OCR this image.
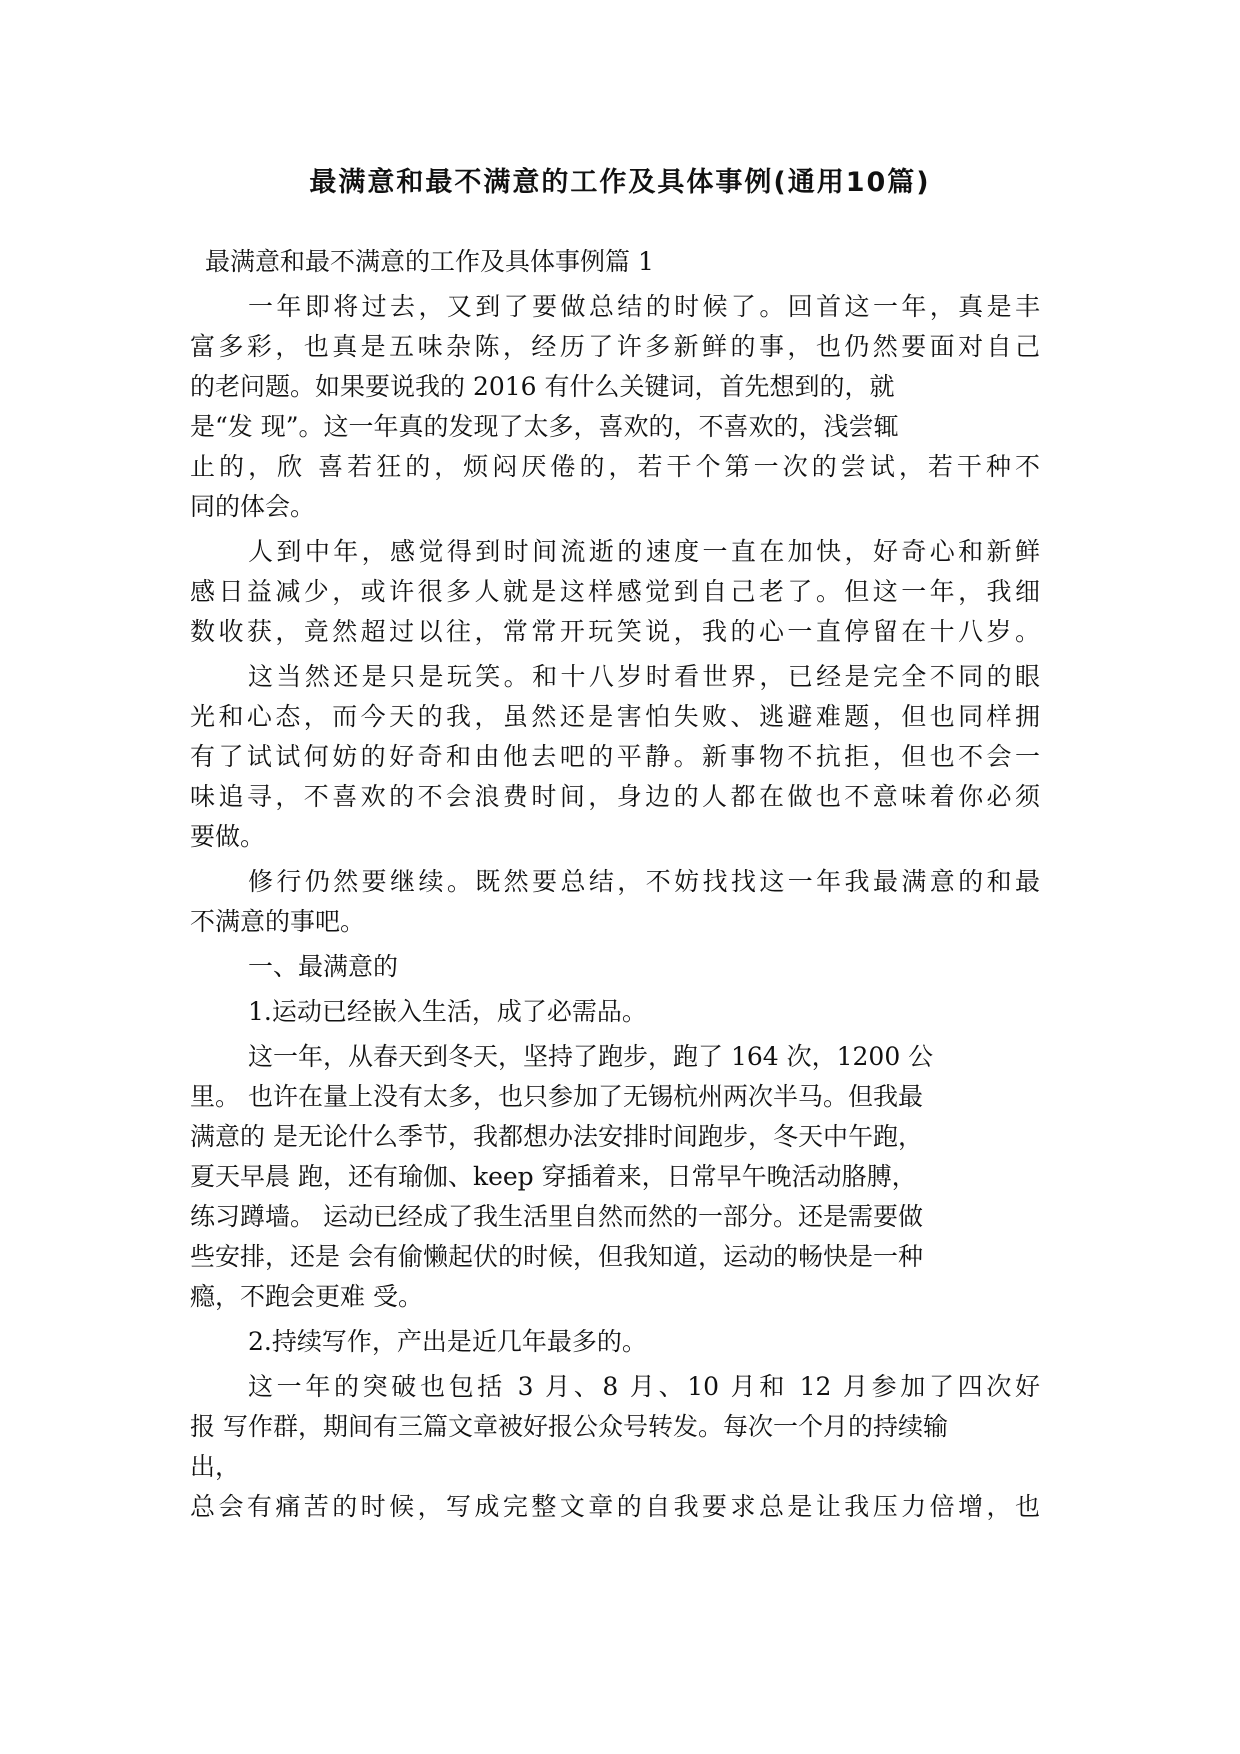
最满意和最不满意的工作及具体事例(通用10篇)

最满意和最不满意的工作及具体事例篇 1

一年即将过去，又到了要做总结的时候了。回首这一年，真是丰

富多彩，也真是五味杂陈，经历了许多新鲜的事，也仍然要面对自己

的老问题。如果要说我的 2016 有什么关键词，首先想到的，就

是“发 现”。这一年真的发现了太多，喜欢的，不喜欢的，浅尝辄

止的，欣 喜若狂的，烦闷厌倦的，若干个第一次的尝试，若干种不

同的体会。

人到中年，感觉得到时间流逝的速度一直在加快，好奇心和新鲜

感日益减少，或许很多人就是这样感觉到自己老了。但这一年，我细

数收获，竟然超过以往，常常开玩笑说，我的心一直停留在十八岁。

这当然还是只是玩笑。和十八岁时看世界，已经是完全不同的眼

光和心态，而今天的我，虽然还是害怕失败、逃避难题，但也同样拥

有了试试何妨的好奇和由他去吧的平静。新事物不抗拒，但也不会一

味追寻，不喜欢的不会浪费时间，身边的人都在做也不意味着你必须

要做。

修行仍然要继续。既然要总结，不妨找找这一年我最满意的和最

不满意的事吧。

一、最满意的

1.运动已经嵌入生活，成了必需品。

这一年，从春天到冬天，坚持了跑步，跑了 164 次，1200 公

里。 也许在量上没有太多，也只参加了无锡杭州两次半马。但我最

满意的 是无论什么季节，我都想办法安排时间跑步，冬天中午跑，

夏天早晨 跑，还有瑜伽、keep 穿插着来，日常早午晚活动胳膊，

练习蹲墙。 运动已经成了我生活里自然而然的一部分。还是需要做

些安排，还是 会有偷懒起伏的时候，但我知道，运动的畅快是一种

瘾，不跑会更难 受。

2.持续写作，产出是近几年最多的。

这一年的突破也包括 3 月、8 月、10 月和 12 月参加了四次好

报 写作群，期间有三篇文章被好报公众号转发。每次一个月的持续输

出，

总会有痛苦的时候，写成完整文章的自我要求总是让我压力倍增，也
